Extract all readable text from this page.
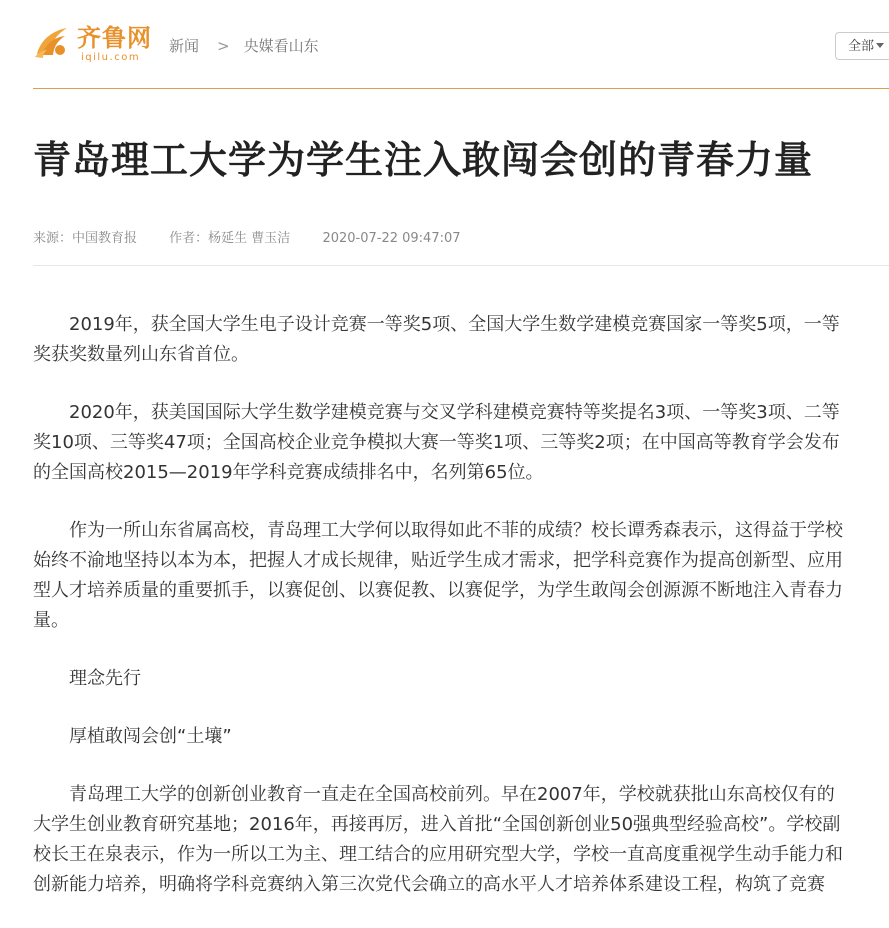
齐鲁网
iqilu.com
新闻 > 央媒看山东	全部
青岛理工大学为学生注入敢闯会创的青春力量
来源：中国教育报 作者：杨延生 曹玉洁 2020-07-22 09:47:07

2019年，获全国大学生电子设计竞赛一等奖5项、全国大学生数学建模竞赛国家一等奖5项，一等奖获奖数量列山东省首位。

2020年，获美国国际大学生数学建模竞赛与交叉学科建模竞赛特等奖提名3项、一等奖3项、二等奖10项、三等奖47项；全国高校企业竞争模拟大赛一等奖1项、三等奖2项；在中国高等教育学会发布的全国高校2015—2019年学科竞赛成绩排名中，名列第65位。

作为一所山东省属高校，青岛理工大学何以取得如此不菲的成绩？校长谭秀森表示，这得益于学校始终不渝地坚持以本为本，把握人才成长规律，贴近学生成才需求，把学科竞赛作为提高创新型、应用型人才培养质量的重要抓手，以赛促创、以赛促教、以赛促学，为学生敢闯会创源源不断地注入青春力量。

理念先行

厚植敢闯会创“土壤”

青岛理工大学的创新创业教育一直走在全国高校前列。早在2007年，学校就获批山东高校仅有的大学生创业教育研究基地；2016年，再接再厉，进入首批“全国创新创业50强典型经验高校”。学校副校长王在泉表示，作为一所以工为主、理工结合的应用研究型大学，学校一直高度重视学生动手能力和创新能力培养，明确将学科竞赛纳入第三次党代会确立的高水平人才培养体系建设工程，构筑了竞赛
